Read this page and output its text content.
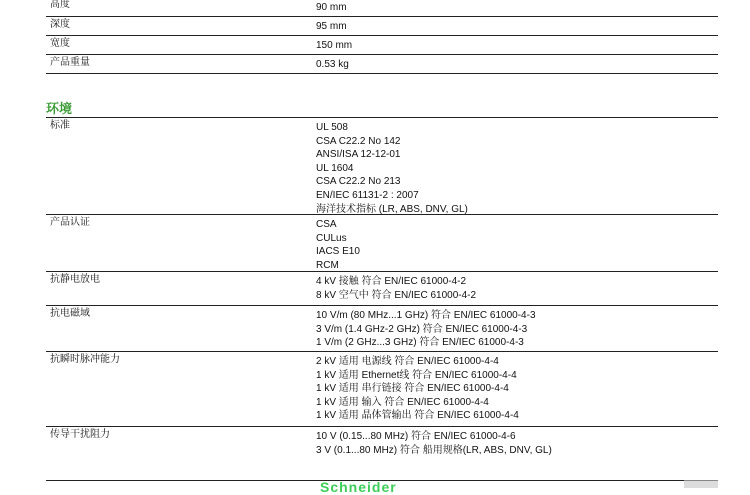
高度	90 mm
深度	95 mm
宽度	150 mm
产品重量	0.53 kg
环境
标准	UL 508
CSA C22.2 No 142
ANSI/ISA 12-12-01
UL 1604
CSA C22.2 No 213
EN/IEC 61131-2 : 2007
海洋技术指标 (LR, ABS, DNV, GL)
产品认证	CSA
CULus
IACS E10
RCM
抗静电放电	4 kV 接触 符合 EN/IEC 61000-4-2
8 kV 空气中 符合 EN/IEC 61000-4-2
抗电磁域	10 V/m (80 MHz...1 GHz) 符合 EN/IEC 61000-4-3
3 V/m (1.4 GHz-2 GHz) 符合 EN/IEC 61000-4-3
1 V/m (2 GHz...3 GHz) 符合 EN/IEC 61000-4-3
抗瞬时脉冲能力	2 kV 适用 电源线 符合 EN/IEC 61000-4-4
1 kV 适用 Ethernet线 符合 EN/IEC 61000-4-4
1 kV 适用 串行链接 符合 EN/IEC 61000-4-4
1 kV 适用 输入 符合 EN/IEC 61000-4-4
1 kV 适用 晶体管输出 符合 EN/IEC 61000-4-4
传导干扰阻力	10 V (0.15...80 MHz) 符合 EN/IEC 61000-4-6
3 V (0.1...80 MHz) 符合 船用规格(LR, ABS, DNV, GL)
Schneider
